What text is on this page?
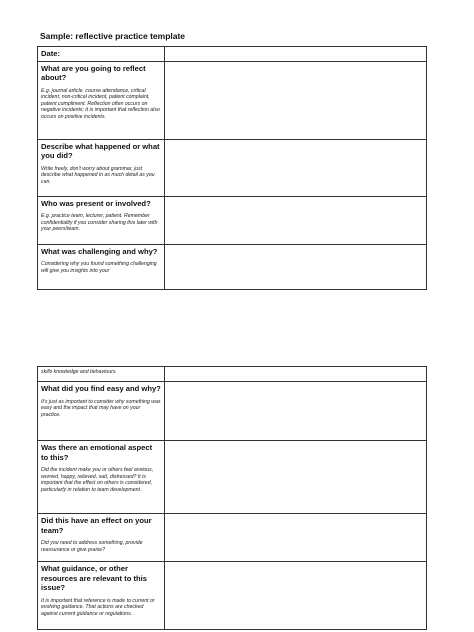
Sample: reflective practice template
Date:	

What are you going to reflect about?
E.g. journal article, course attendance, critical incident, non-critical incident, patient complaint, patient compliment. Reflection often occurs on negative incidents; it is important that reflection also occurs on positive incidents.	

Describe what happened or what you did?
Write freely, don't worry about grammar, just describe what happened in as much detail as you can.	

Who was present or involved?
E.g. practice team, lecturer, patient. Remember confidentiality if you consider sharing this later with your peers/team.	

What was challenging and why?
Considering why you found something challenging will give you insights into your	

skills knowledge and behaviours.	

What did you find easy and why?
It's just as important to consider why something was easy and the impact that may have on your practice.	

Was there an emotional aspect to this?
Did the incident make you or others feel anxious, worried, happy, relieved, sad, distressed? It is important that the effect on others is considered, particularly in relation to team development.	

Did this have an effect on your team?
Did you need to address something, provide reassurance or give praise?	

What guidance, or other resources are relevant to this issue?
It is important that reference is made to current or evolving guidance. That actions are checked against current guidance or regulations.	
